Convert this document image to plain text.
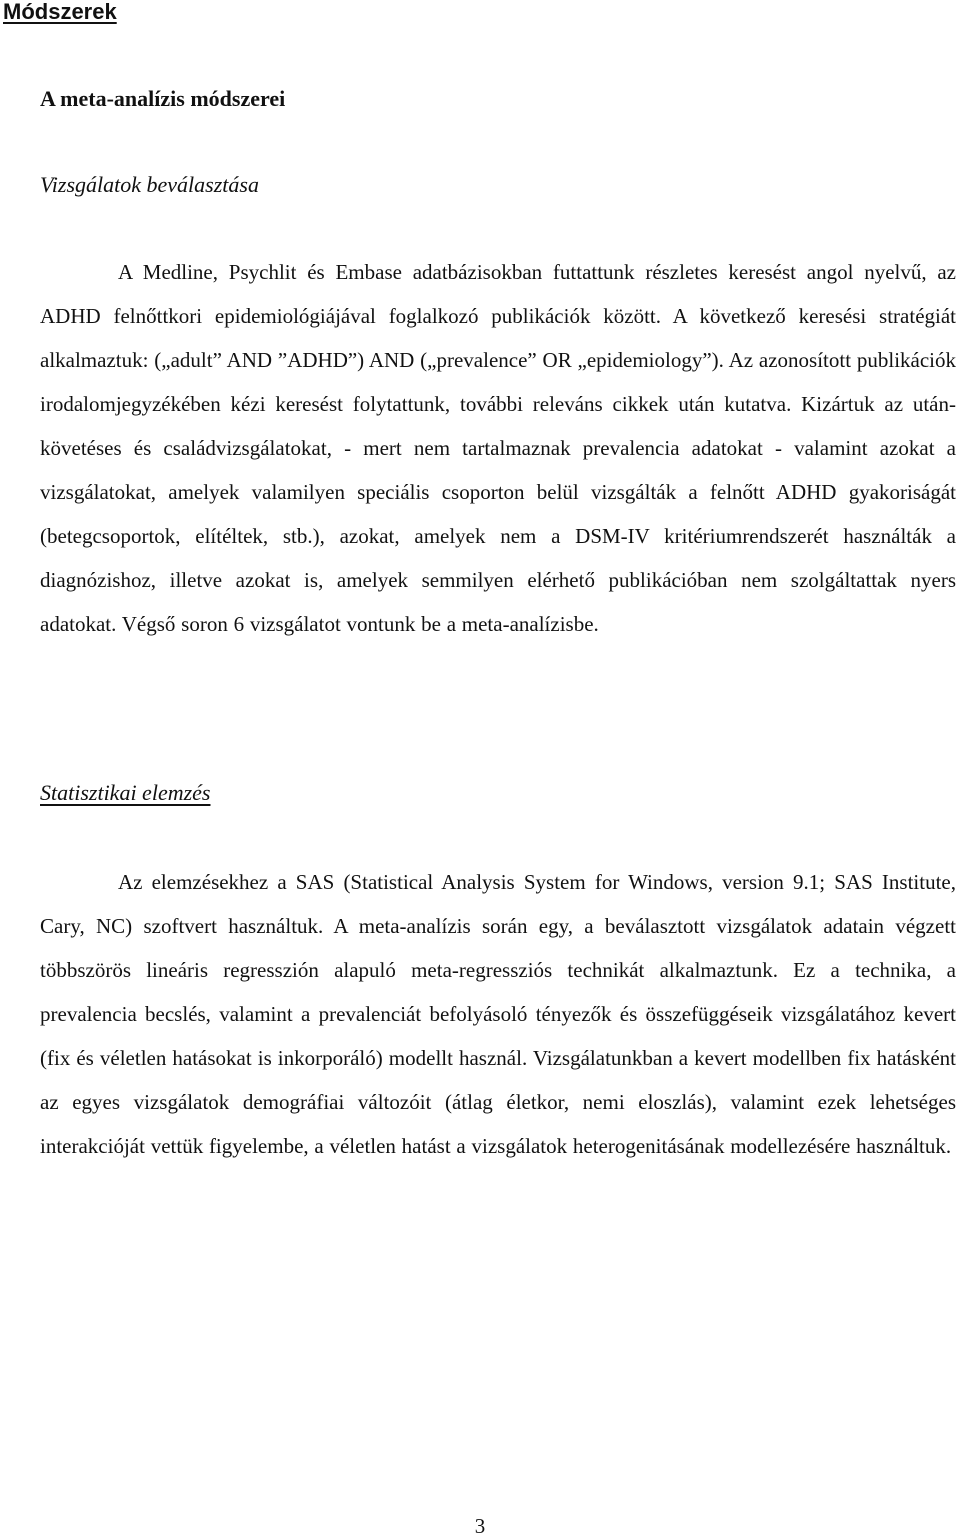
Módszerek
A meta-analízis módszerei
Vizsgálatok beválasztása

A Medline, Psychlit és Embase adatbázisokban futtattunk részletes keresést angol nyelvű, az ADHD felnőttkori epidemiológiájával foglalkozó publikációk között. A következő keresési stratégiát alkalmaztuk: („adult” AND ”ADHD”) AND („prevalence” OR „epidemiology”). Az azonosított publikációk irodalomjegyzékében kézi keresést folytattunk, további releváns cikkek után kutatva. Kizártuk az után-követéses és családvizsgálatokat, - mert nem tartalmaznak prevalencia adatokat - valamint azokat a vizsgálatokat, amelyek valamilyen speciális csoporton belül vizsgálták a felnőtt ADHD gyakoriságát (betegcsoportok, elítéltek, stb.), azokat, amelyek nem a DSM-IV kritériumrendszerét használták a diagnózishoz, illetve azokat is, amelyek semmilyen elérhető publikációban nem szolgáltattak nyers adatokat. Végső soron 6 vizsgálatot vontunk be a meta-analízisbe.

Statisztikai elemzés

Az elemzésekhez a SAS (Statistical Analysis System for Windows, version 9.1; SAS Institute, Cary, NC) szoftvert használtuk. A meta-analízis során egy, a beválasztott vizsgálatok adatain végzett többszörös lineáris regresszión alapuló meta-regressziós technikát alkalmaztunk. Ez a technika, a prevalencia becslés, valamint a prevalenciát befolyásoló tényezők és összefüggéseik vizsgálatához kevert (fix és véletlen hatásokat is inkorporáló) modellt használ. Vizsgálatunkban a kevert modellben fix hatásként az egyes vizsgálatok demográfiai változóit (átlag életkor, nemi eloszlás), valamint ezek lehetséges interakcióját vettük figyelembe, a véletlen hatást a vizsgálatok heterogenitásának modellezésére használtuk.

3
